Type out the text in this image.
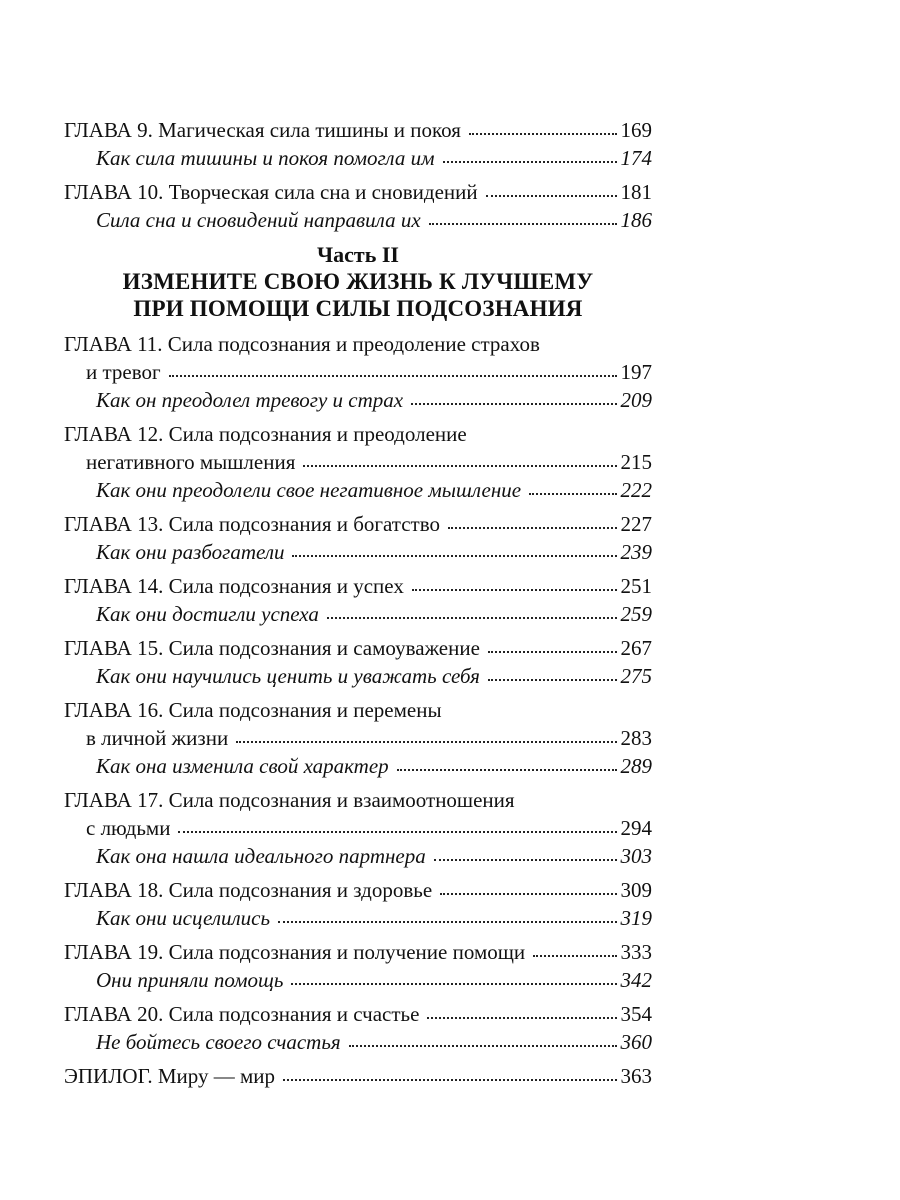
ГЛАВА 9. Магическая сила тишины и покоя	169
Как сила тишины и покоя помогла им	174
ГЛАВА 10. Творческая сила сна и сновидений	181
Сила сна и сновидений направила их	186
Часть II
ИЗМЕНИТЕ СВОЮ ЖИЗНЬ К ЛУЧШЕМУ
ПРИ ПОМОЩИ СИЛЫ ПОДСОЗНАНИЯ
ГЛАВА 11. Сила подсознания и преодоление страхов
и тревог	197
Как он преодолел тревогу и страх	209
ГЛАВА 12. Сила подсознания и преодоление
негативного мышления	215
Как они преодолели свое негативное мышление	222
ГЛАВА 13. Сила подсознания и богатство	227
Как они разбогатели	239
ГЛАВА 14. Сила подсознания и успех	251
Как они достигли успеха	259
ГЛАВА 15. Сила подсознания и самоуважение	267
Как они научились ценить и уважать себя	275
ГЛАВА 16. Сила подсознания и перемены
в личной жизни	283
Как она изменила свой характер	289
ГЛАВА 17. Сила подсознания и взаимоотношения
с людьми	294
Как она нашла идеального партнера	303
ГЛАВА 18. Сила подсознания и здоровье	309
Как они исцелились	319
ГЛАВА 19. Сила подсознания и получение помощи	333
Они приняли помощь	342
ГЛАВА 20. Сила подсознания и счастье	354
Не бойтесь своего счастья	360
ЭПИЛОГ. Миру — мир	363
